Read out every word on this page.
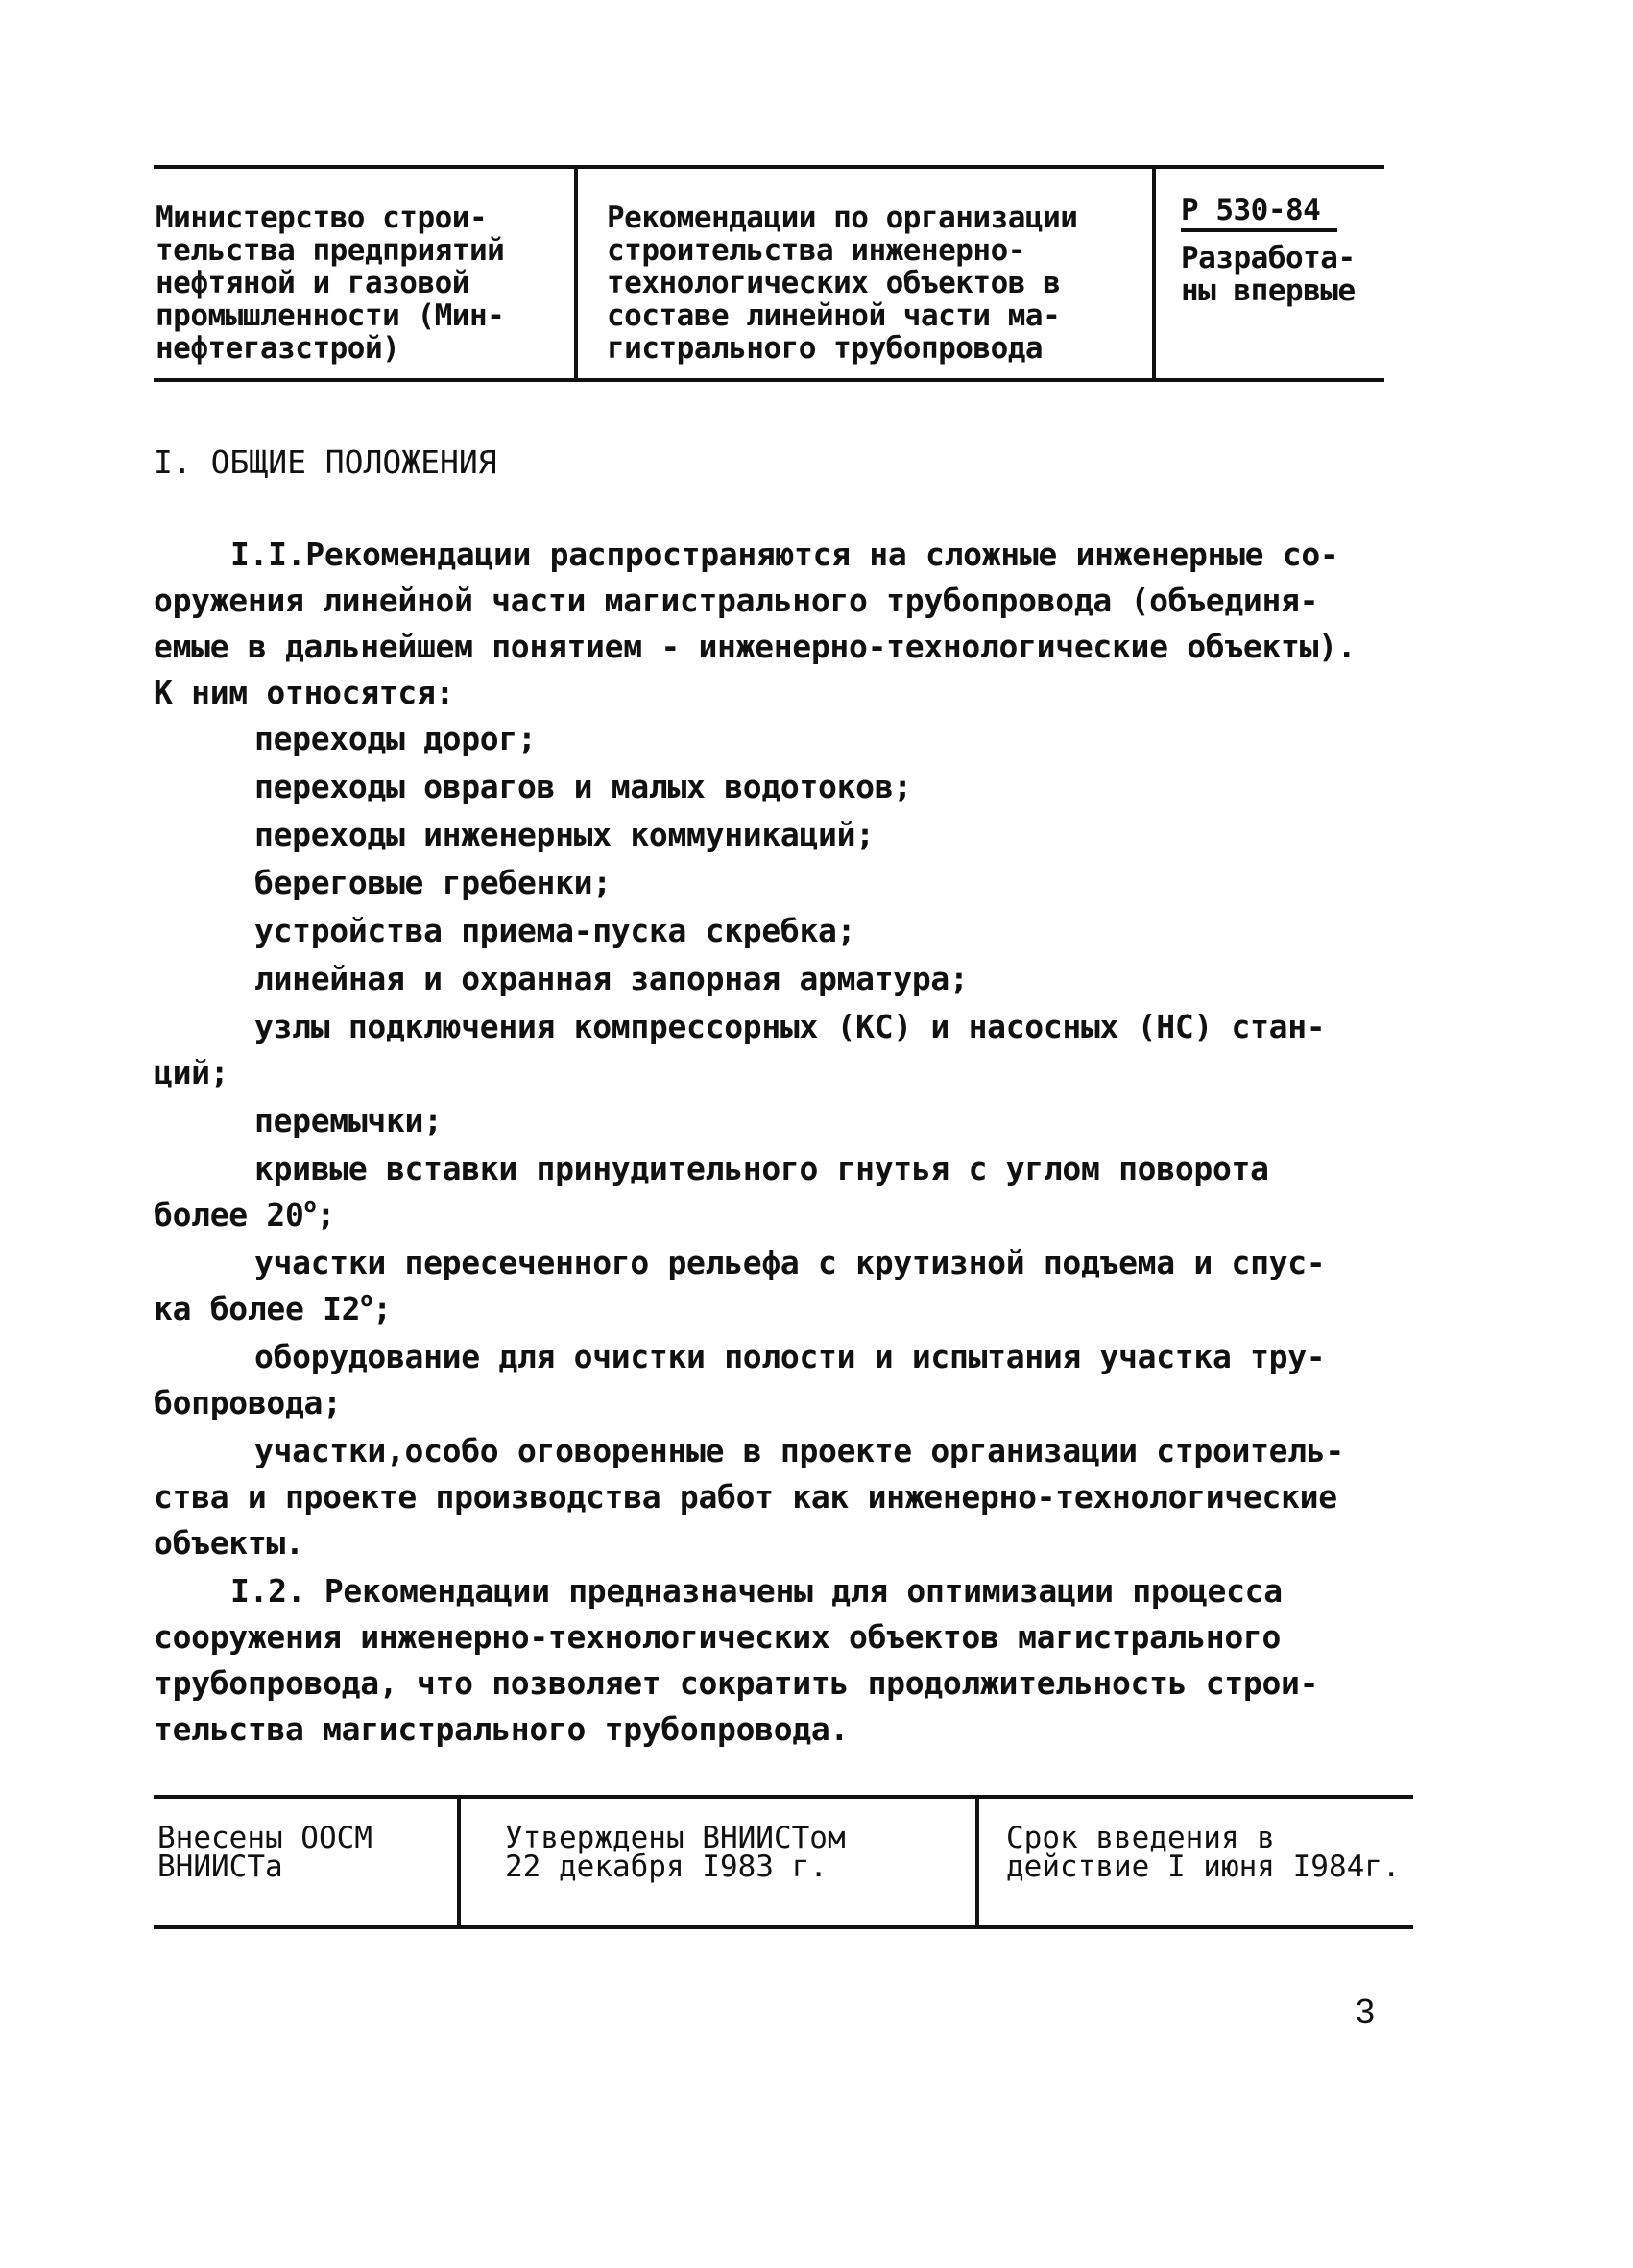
Министерство строи-
тельства предприятий
нефтяной и газовой
промышленности (Мин-
нефтегазстрой)
Рекомендации по организации
строительства инженерно-
технологических объектов в
составе линейной части ма-
гистрального трубопровода
Р 530-84
Разработа-
ны впервые
I. ОБЩИЕ ПОЛОЖЕНИЯ
I.I.Рекомендации распространяются на сложные инженерные со-
оружения линейной части магистрального трубопровода (объединя-
емые в дальнейшем понятием - инженерно-технологические объекты).
К ним относятся:
переходы дорог;
переходы оврагов и малых водотоков;
переходы инженерных коммуникаций;
береговые гребенки;
устройства приема-пуска скребка;
линейная и охранная запорная арматура;
узлы подключения компрессорных (КС) и насосных (НС) стан-
ций;
перемычки;
кривые вставки принудительного гнутья с углом поворота
более 20$^o$;
участки пересеченного рельефа с крутизной подъема и спус-
ка более I2$^o$;
оборудование для очистки полости и испытания участка тру-
бопровода;
участки,особо оговоренные в проекте организации строитель-
ства и проекте производства работ как инженерно-технологические
объекты.
I.2. Рекомендации предназначены для оптимизации процесса
сооружения инженерно-технологических объектов магистрального
трубопровода, что позволяет сократить продолжительность строи-
тельства магистрального трубопровода.
Внесены ООСМ
ВНИИСТа
Утверждены ВНИИСТом
22 декабря I983 г.
Срок введения в
действие I июня I984г.
3
